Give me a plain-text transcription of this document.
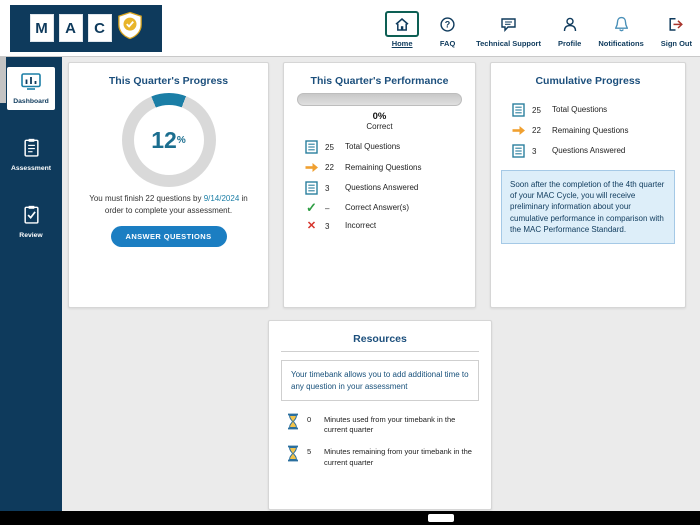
M	A	C
Home
?
FAQ	Technical Support Profile Notifications Sign Out
Dashboard
Assessment
Review
This Quarter's Progress
12 %
You must finish 22 questions by 9/14/2024 in order to complete your assessment.
ANSWER QUESTIONS
This Quarter's Performance
0%
Correct
25	Total Questions
22	Remaining Questions
3	Questions Answered
✓ –	Correct Answer(s)
✕	3	Incorrect
Cumulative Progress
25	Total Questions
22	Remaining Questions
3	Questions Answered
Soon after the completion of the 4th quarter of your MAC Cycle, you will receive preliminary information about your cumulative performance in comparison with the MAC Performance Standard.
Resources
Your timebank allows you to add additional time to any question in your assessment
0	Minutes used from your timebank in the current quarter
5	Minutes remaining from your timebank in the current quarter
